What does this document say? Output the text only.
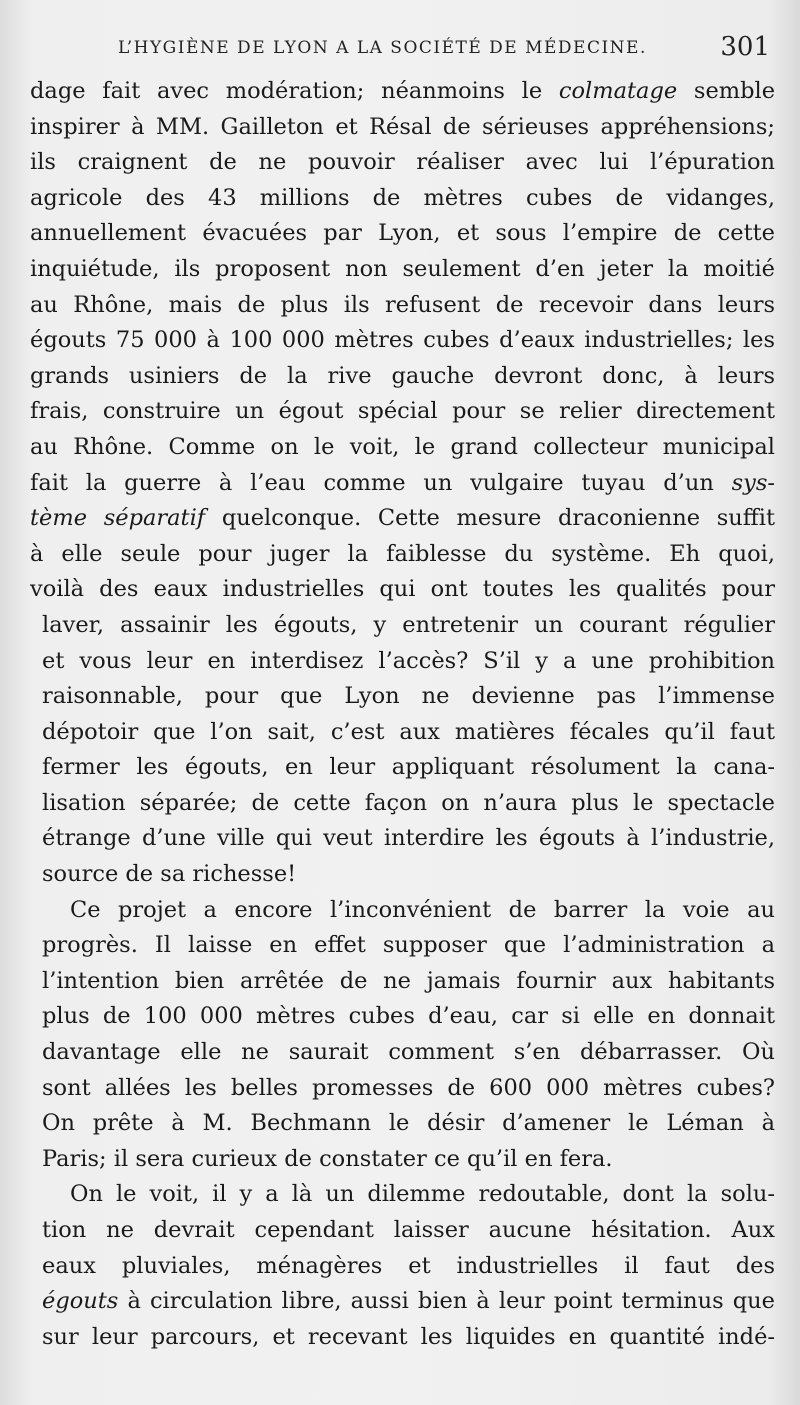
L’HYGIÈNE DE LYON A LA SOCIÉTÉ DE MÉDECINE.	301
dage fait avec modération; néanmoins le colmatage semble
inspirer à MM. Gailleton et Résal de sérieuses appréhensions;
ils craignent de ne pouvoir réaliser avec lui l’épuration
agricole des 43 millions de mètres cubes de vidanges,
annuellement évacuées par Lyon, et sous l’empire de cette
inquiétude, ils proposent non seulement d’en jeter la moitié
au Rhône, mais de plus ils refusent de recevoir dans leurs
égouts 75 000 à 100 000 mètres cubes d’eaux industrielles; les
grands usiniers de la rive gauche devront donc, à leurs
frais, construire un égout spécial pour se relier directement
au Rhône. Comme on le voit, le grand collecteur municipal
fait la guerre à l’eau comme un vulgaire tuyau d’un sys-
tème séparatif quelconque. Cette mesure draconienne suffit
à elle seule pour juger la faiblesse du système. Eh quoi,
voilà des eaux industrielles qui ont toutes les qualités pour
laver, assainir les égouts, y entretenir un courant régulier
et vous leur en interdisez l’accès? S’il y a une prohibition
raisonnable, pour que Lyon ne devienne pas l’immense
dépotoir que l’on sait, c’est aux matières fécales qu’il faut
fermer les égouts, en leur appliquant résolument la cana-
lisation séparée; de cette façon on n’aura plus le spectacle
étrange d’une ville qui veut interdire les égouts à l’industrie,
source de sa richesse!
Ce projet a encore l’inconvénient de barrer la voie au
progrès. Il laisse en effet supposer que l’administration a
l’intention bien arrêtée de ne jamais fournir aux habitants
plus de 100 000 mètres cubes d’eau, car si elle en donnait
davantage elle ne saurait comment s’en débarrasser. Où
sont allées les belles promesses de 600 000 mètres cubes?
On prête à M. Bechmann le désir d’amener le Léman à
Paris; il sera curieux de constater ce qu’il en fera.
On le voit, il y a là un dilemme redoutable, dont la solu-
tion ne devrait cependant laisser aucune hésitation. Aux
eaux pluviales, ménagères et industrielles il faut des
égouts à circulation libre, aussi bien à leur point terminus que
sur leur parcours, et recevant les liquides en quantité indé-
